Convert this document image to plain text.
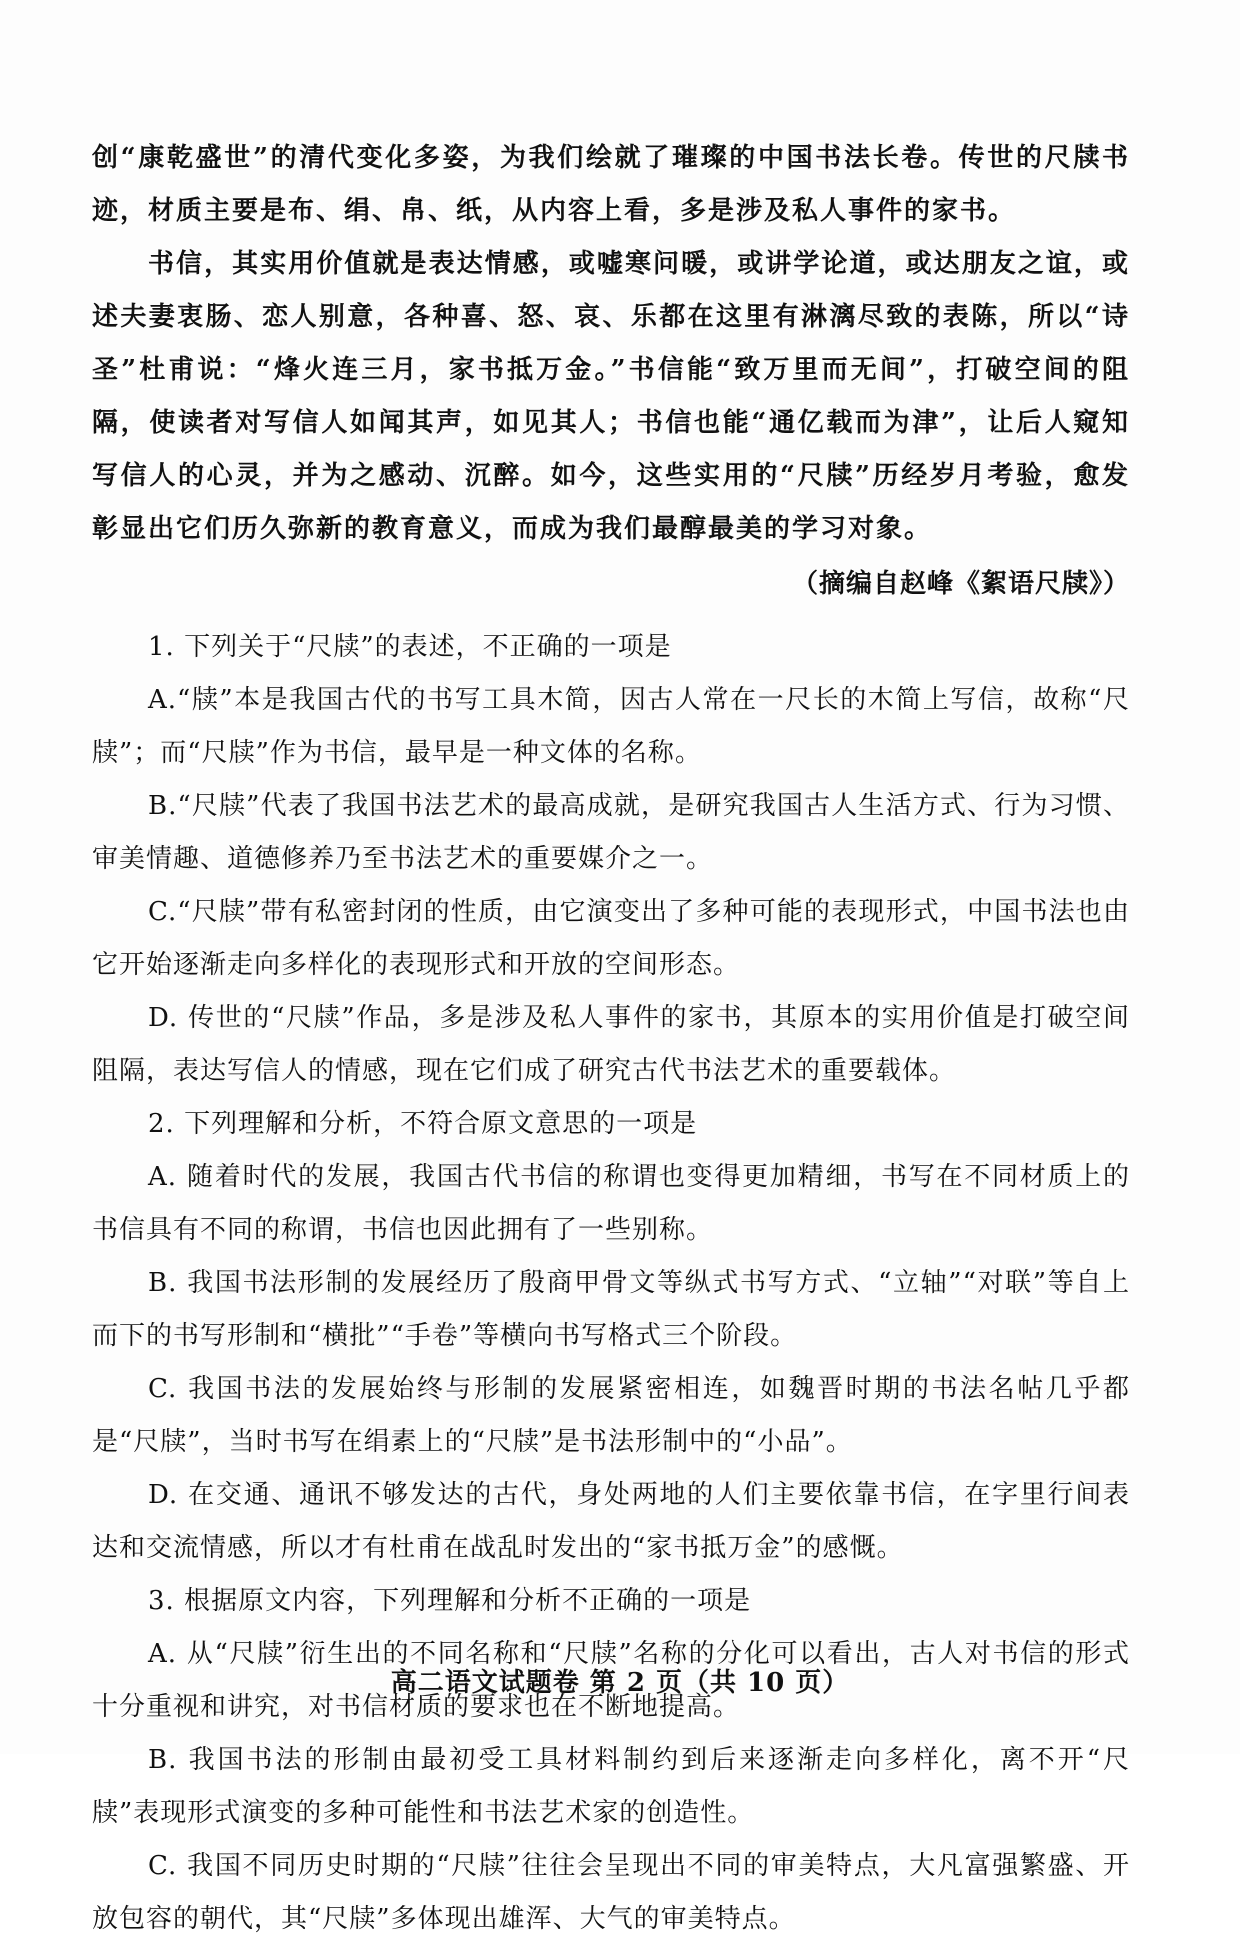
创“康乾盛世”的清代变化多姿，为我们绘就了璀璨的中国书法长卷。传世的尺牍书迹，材质主要是布、绢、帛、纸，从内容上看，多是涉及私人事件的家书。

书信，其实用价值就是表达情感，或嘘寒问暖，或讲学论道，或达朋友之谊，或述夫妻衷肠、恋人别意，各种喜、怒、哀、乐都在这里有淋漓尽致的表陈，所以“诗圣”杜甫说：“烽火连三月，家书抵万金。”书信能“致万里而无间”，打破空间的阻隔，使读者对写信人如闻其声，如见其人；书信也能“通亿载而为津”，让后人窥知写信人的心灵，并为之感动、沉醉。如今，这些实用的“尺牍”历经岁月考验，愈发彰显出它们历久弥新的教育意义，而成为我们最醇最美的学习对象。

（摘编自赵峰《絮语尺牍》）

1. 下列关于“尺牍”的表述，不正确的一项是

A.“牍”本是我国古代的书写工具木简，因古人常在一尺长的木简上写信，故称“尺牍”；而“尺牍”作为书信，最早是一种文体的名称。

B.“尺牍”代表了我国书法艺术的最高成就，是研究我国古人生活方式、行为习惯、审美情趣、道德修养乃至书法艺术的重要媒介之一。

C.“尺牍”带有私密封闭的性质，由它演变出了多种可能的表现形式，中国书法也由它开始逐渐走向多样化的表现形式和开放的空间形态。

D. 传世的“尺牍”作品，多是涉及私人事件的家书，其原本的实用价值是打破空间阻隔，表达写信人的情感，现在它们成了研究古代书法艺术的重要载体。

2. 下列理解和分析，不符合原文意思的一项是

A. 随着时代的发展，我国古代书信的称谓也变得更加精细，书写在不同材质上的书信具有不同的称谓，书信也因此拥有了一些别称。

B. 我国书法形制的发展经历了殷商甲骨文等纵式书写方式、“立轴”“对联”等自上而下的书写形制和“横批”“手卷”等横向书写格式三个阶段。

C. 我国书法的发展始终与形制的发展紧密相连，如魏晋时期的书法名帖几乎都是“尺牍”，当时书写在绢素上的“尺牍”是书法形制中的“小品”。

D. 在交通、通讯不够发达的古代，身处两地的人们主要依靠书信，在字里行间表达和交流情感，所以才有杜甫在战乱时发出的“家书抵万金”的感慨。

3. 根据原文内容，下列理解和分析不正确的一项是

A. 从“尺牍”衍生出的不同名称和“尺牍”名称的分化可以看出，古人对书信的形式十分重视和讲究，对书信材质的要求也在不断地提高。

B. 我国书法的形制由最初受工具材料制约到后来逐渐走向多样化，离不开“尺牍”表现形式演变的多种可能性和书法艺术家的创造性。

C. 我国不同历史时期的“尺牍”往往会呈现出不同的审美特点，大凡富强繁盛、开放包容的朝代，其“尺牍”多体现出雄浑、大气的审美特点。

高二语文试题卷 第 2 页（共 10 页）
